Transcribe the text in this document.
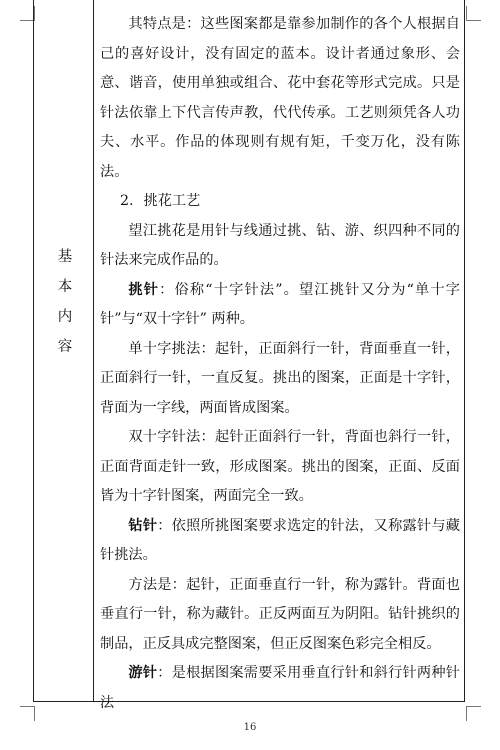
基
本
内
容

其特点是：这些图案都是靠参加制作的各个人根据自己的喜好设计，没有固定的蓝本。设计者通过象形、会意、谐音，使用单独或组合、花中套花等形式完成。只是针法依靠上下代言传声教，代代传承。工艺则须凭各人功夫、水平。作品的体现则有规有矩，千变万化，没有陈法。

2. 挑花工艺

望江挑花是用针与线通过挑、钻、游、织四种不同的针法来完成作品的。

挑针：俗称“十字针法”。望江挑针又分为“单十字针”与“双十字针” 两种。

单十字挑法：起针，正面斜行一针，背面垂直一针，正面斜行一针，一直反复。挑出的图案，正面是十字针，背面为一字线，两面皆成图案。

双十字针法：起针正面斜行一针，背面也斜行一针，正面背面走针一致，形成图案。挑出的图案，正面、反面皆为十字针图案，两面完全一致。

钻针：依照所挑图案要求选定的针法，又称露针与藏针挑法。

方法是：起针，正面垂直行一针，称为露针。背面也垂直行一针，称为藏针。正反两面互为阴阳。钻针挑织的制品，正反具成完整图案，但正反图案色彩完全相反。

游针：是根据图案需要采用垂直行针和斜行针两种针法

16
